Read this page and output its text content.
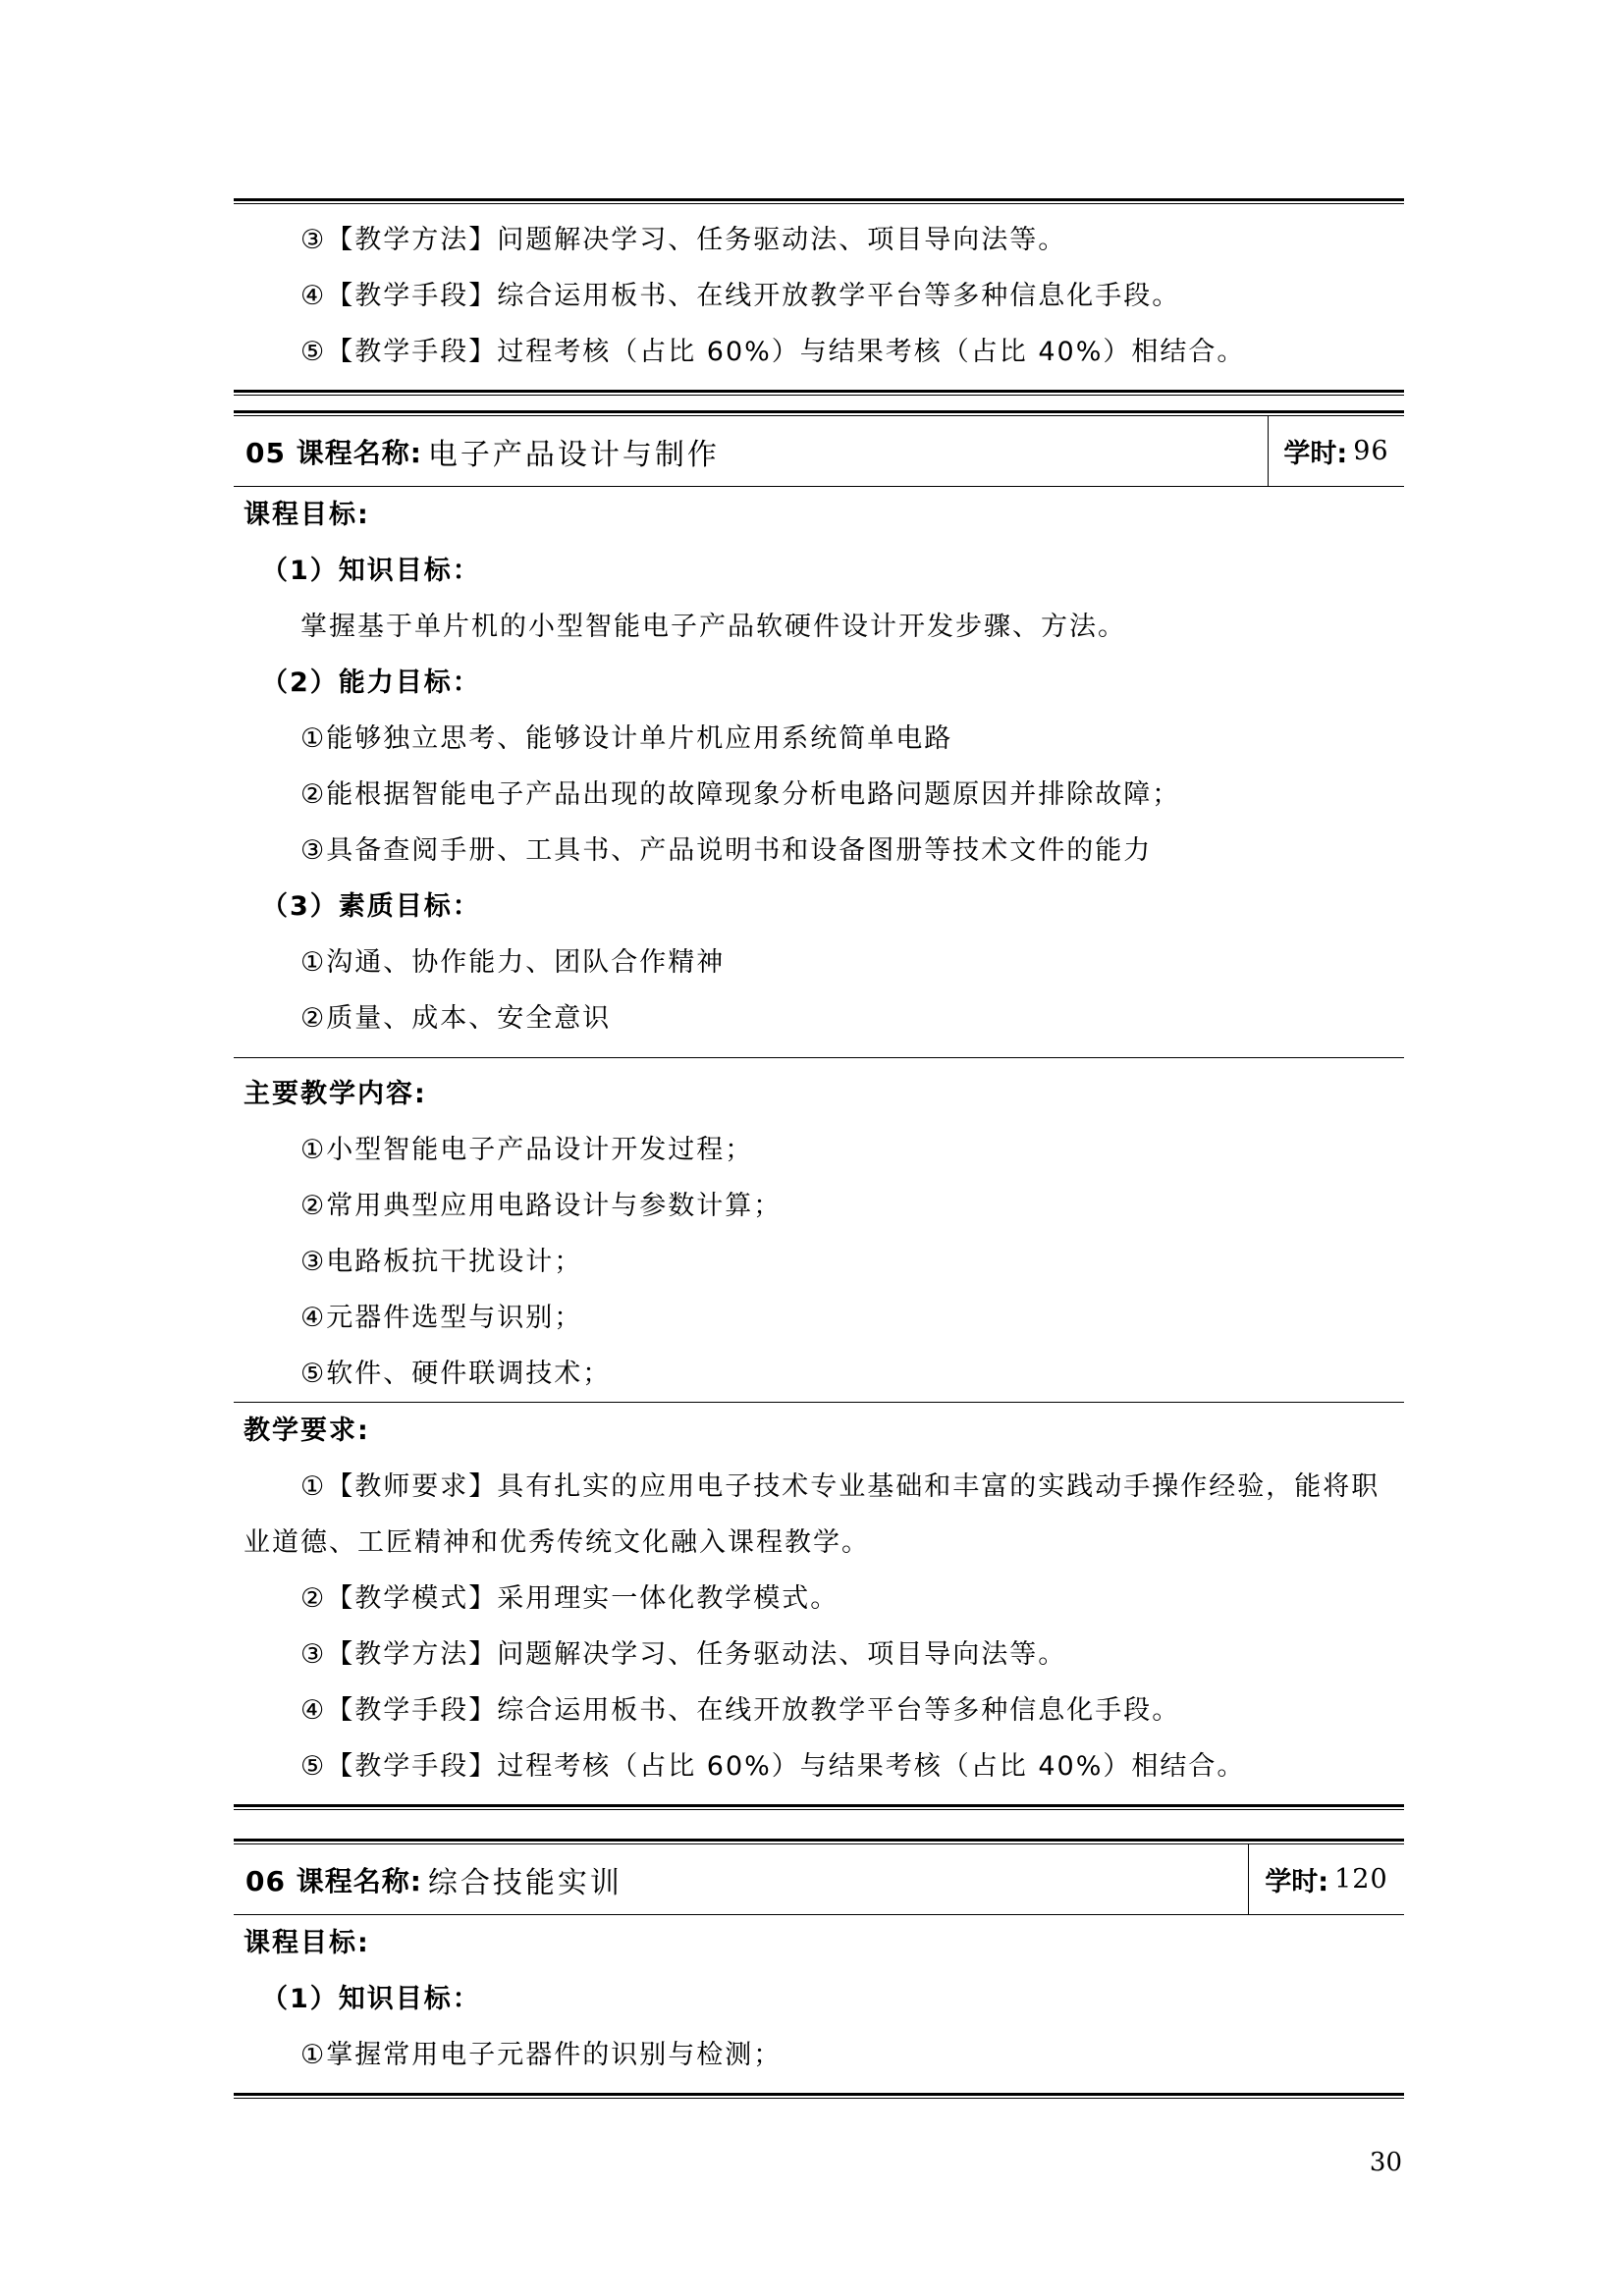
③【教学方法】问题解决学习、任务驱动法、项目导向法等。
④【教学手段】综合运用板书、在线开放教学平台等多种信息化手段。
⑤【教学手段】过程考核（占比 60%）与结果考核（占比 40%）相结合。
05 课程名称: 电子产品设计与制作	学时: 96
课程目标:
（1）知识目标：
掌握基于单片机的小型智能电子产品软硬件设计开发步骤、方法。
（2）能力目标：
①能够独立思考、能够设计单片机应用系统简单电路
②能根据智能电子产品出现的故障现象分析电路问题原因并排除故障；
③具备查阅手册、工具书、产品说明书和设备图册等技术文件的能力
（3）素质目标：
①沟通、协作能力、团队合作精神
②质量、成本、安全意识
主要教学内容:
①小型智能电子产品设计开发过程；
②常用典型应用电路设计与参数计算；
③电路板抗干扰设计；
④元器件选型与识别；
⑤软件、硬件联调技术；
教学要求:
①【教师要求】具有扎实的应用电子技术专业基础和丰富的实践动手操作经验，能将职
业道德、工匠精神和优秀传统文化融入课程教学。
②【教学模式】采用理实一体化教学模式。
③【教学方法】问题解决学习、任务驱动法、项目导向法等。
④【教学手段】综合运用板书、在线开放教学平台等多种信息化手段。
⑤【教学手段】过程考核（占比 60%）与结果考核（占比 40%）相结合。
06 课程名称: 综合技能实训	学时: 120
课程目标:
（1）知识目标：
①掌握常用电子元器件的识别与检测；
30
